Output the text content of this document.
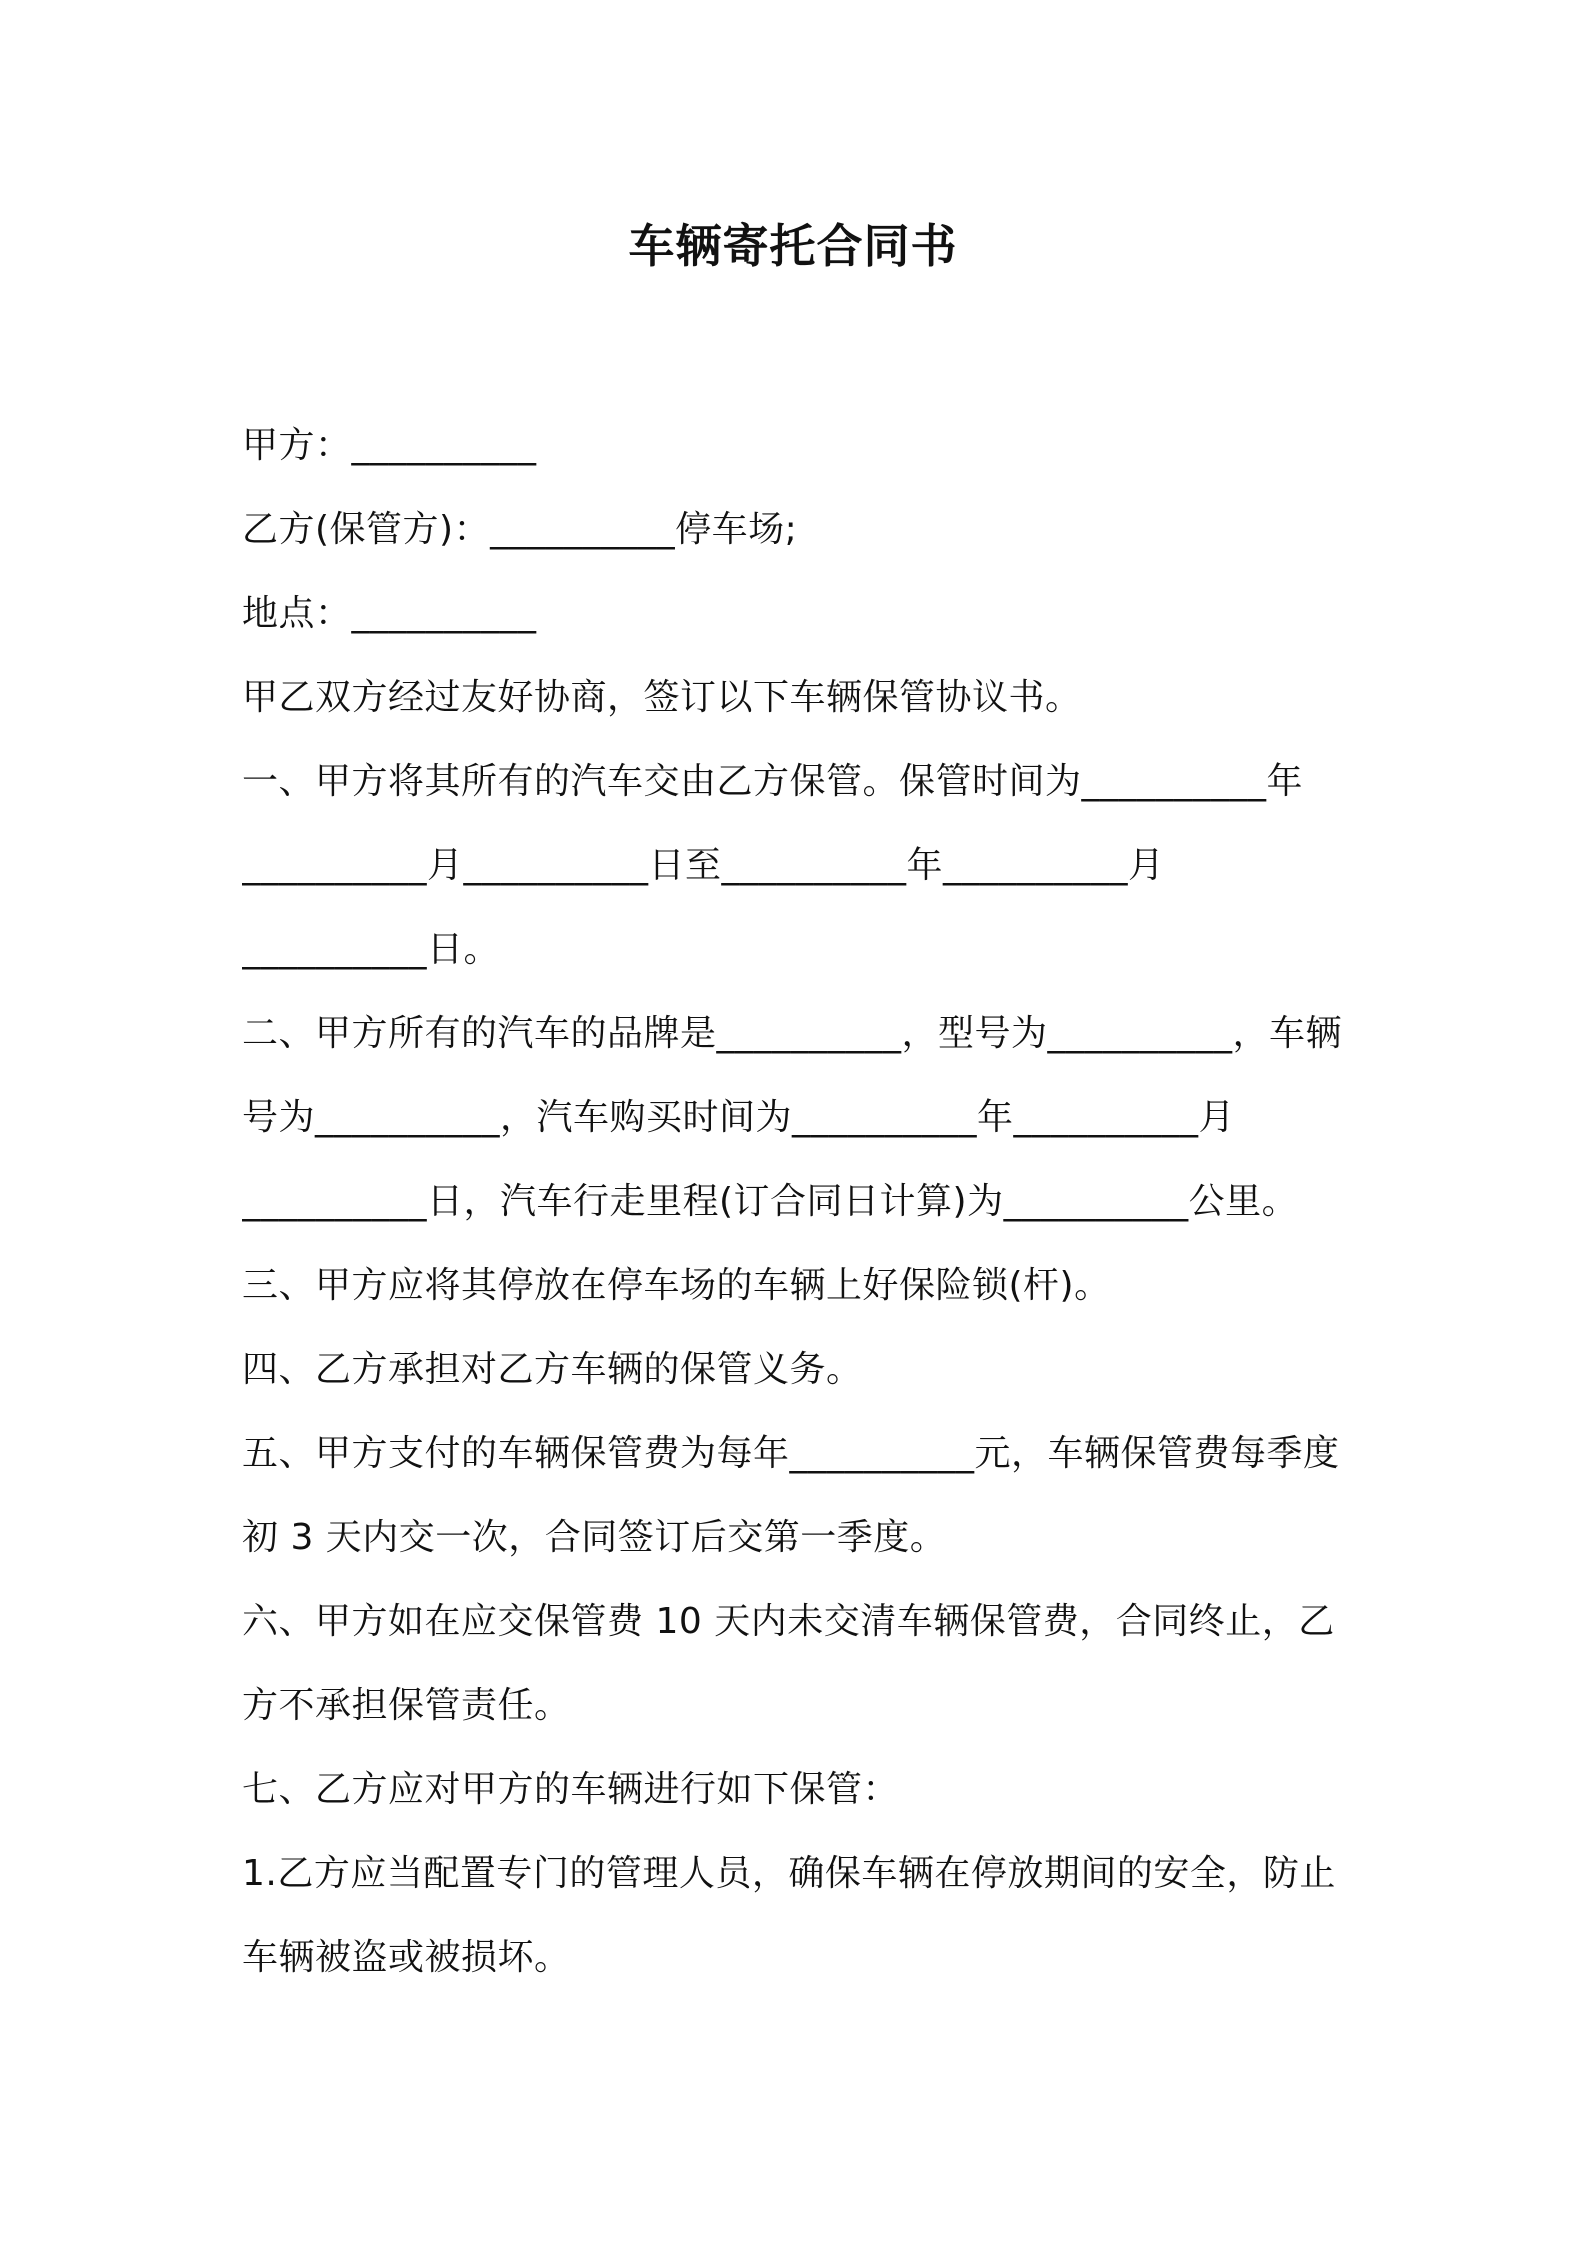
车辆寄托合同书
甲方：__________
乙方(保管方)：__________停车场;
地点：__________
甲乙双方经过友好协商，签订以下车辆保管协议书。
一、甲方将其所有的汽车交由乙方保管。保管时间为__________年
__________月__________日至__________年__________月
__________日。
二、甲方所有的汽车的品牌是__________，型号为__________，车辆
号为__________，汽车购买时间为__________年__________月
__________日，汽车行走里程(订合同日计算)为__________公里。
三、甲方应将其停放在停车场的车辆上好保险锁(杆)。
四、乙方承担对乙方车辆的保管义务。
五、甲方支付的车辆保管费为每年__________元，车辆保管费每季度
初 3 天内交一次，合同签订后交第一季度。
六、甲方如在应交保管费 10 天内未交清车辆保管费，合同终止，乙
方不承担保管责任。
七、乙方应对甲方的车辆进行如下保管：
1.乙方应当配置专门的管理人员，确保车辆在停放期间的安全，防止
车辆被盗或被损坏。
